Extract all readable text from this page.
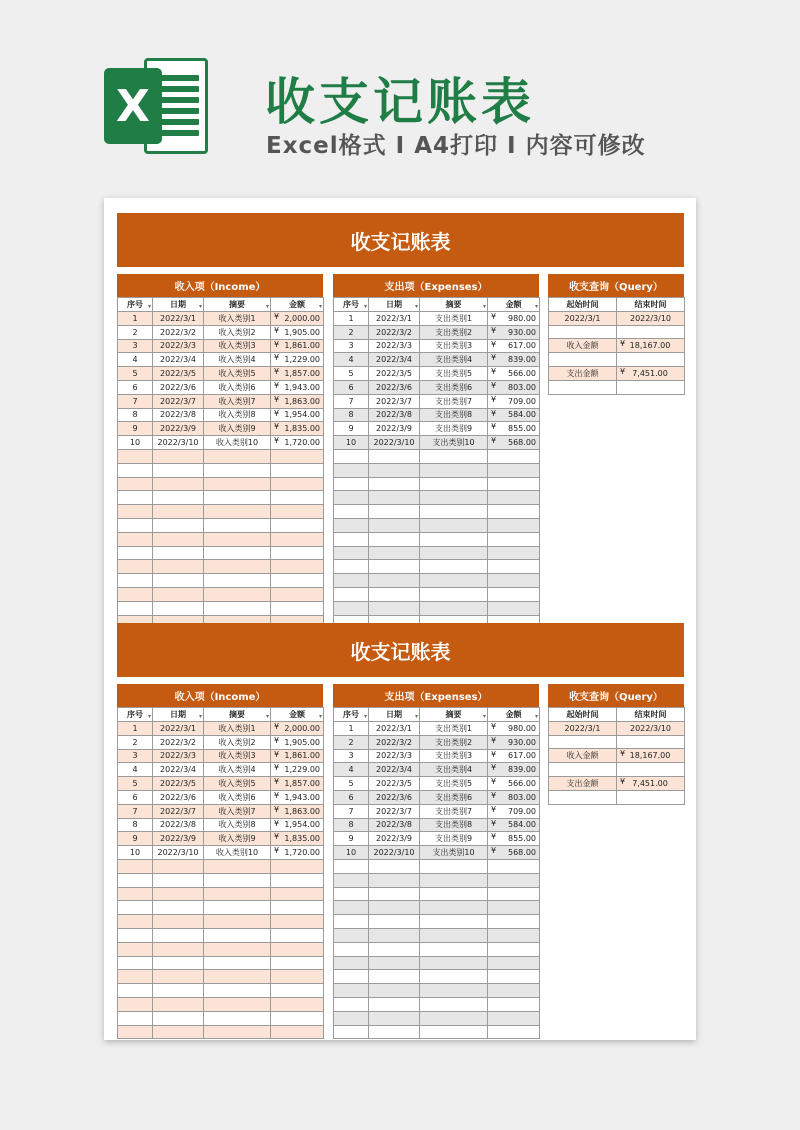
X 收支记账表
Excel格式 I A4打印 I 内容可修改
收支记账表
收入项（Income）
序号 ▾	日期 ▾	摘要 ▾	金额 ▾

1	2022/3/1	收入类别1	¥ 2,000.00
2	2022/3/2	收入类别2	¥ 1,905.00
3	2022/3/3	收入类别3	¥ 1,861.00
4	2022/3/4	收入类别4	¥ 1,229.00
5	2022/3/5	收入类别5	¥ 1,857.00
6	2022/3/6	收入类别6	¥ 1,943.00
7	2022/3/7	收入类别7	¥ 1,863.00
8	2022/3/8	收入类别8	¥ 1,954.00
9	2022/3/9	收入类别9	¥ 1,835.00
10	2022/3/10	收入类别10	¥ 1,720.00

支出项（Expenses）
序号 ▾	日期 ▾	摘要 ▾	金额 ▾

1	2022/3/1	支出类别1	¥ 980.00
2	2022/3/2	支出类别2	¥ 930.00
3	2022/3/3	支出类别3	¥ 617.00
4	2022/3/4	支出类别4	¥ 839.00
5	2022/3/5	支出类别5	¥ 566.00
6	2022/3/6	支出类别6	¥ 803.00
7	2022/3/7	支出类别7	¥ 709.00
8	2022/3/8	支出类别8	¥ 584.00
9	2022/3/9	支出类别9	¥ 855.00
10	2022/3/10	支出类别10	¥ 568.00

收支查询（Query）
起始时间	结束时间
2022/3/1	2022/3/10

收入金额	¥ 18,167.00

支出金额	¥ 7,451.00

收支记账表
收入项（Income）
序号 ▾	日期 ▾	摘要 ▾	金额 ▾

1	2022/3/1	收入类别1	¥ 2,000.00
2	2022/3/2	收入类别2	¥ 1,905.00
3	2022/3/3	收入类别3	¥ 1,861.00
4	2022/3/4	收入类别4	¥ 1,229.00
5	2022/3/5	收入类别5	¥ 1,857.00
6	2022/3/6	收入类别6	¥ 1,943.00
7	2022/3/7	收入类别7	¥ 1,863.00
8	2022/3/8	收入类别8	¥ 1,954.00
9	2022/3/9	收入类别9	¥ 1,835.00
10	2022/3/10	收入类别10	¥ 1,720.00

支出项（Expenses）
序号 ▾	日期 ▾	摘要 ▾	金额 ▾

1	2022/3/1	支出类别1	¥ 980.00
2	2022/3/2	支出类别2	¥ 930.00
3	2022/3/3	支出类别3	¥ 617.00
4	2022/3/4	支出类别4	¥ 839.00
5	2022/3/5	支出类别5	¥ 566.00
6	2022/3/6	支出类别6	¥ 803.00
7	2022/3/7	支出类别7	¥ 709.00
8	2022/3/8	支出类别8	¥ 584.00
9	2022/3/9	支出类别9	¥ 855.00
10	2022/3/10	支出类别10	¥ 568.00

收支查询（Query）
起始时间	结束时间
2022/3/1	2022/3/10

收入金额	¥ 18,167.00

支出金额	¥ 7,451.00
